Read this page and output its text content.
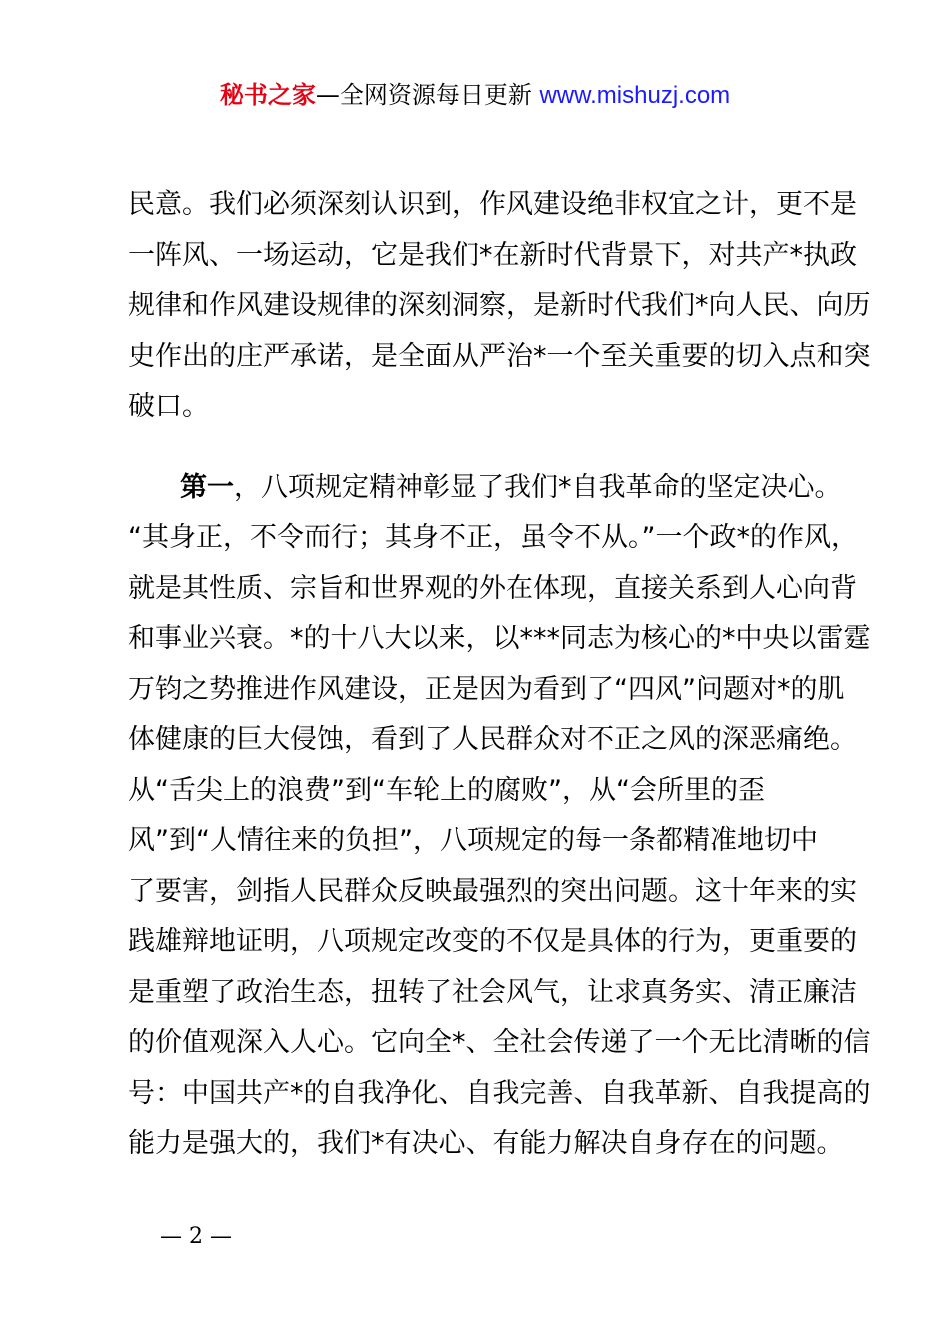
秘书之家—全网资源每日更新 www.mishuzj.com
民意。我们必须深刻认识到，作风建设绝非权宜之计，更不是
一阵风、一场运动，它是我们*在新时代背景下，对共产*执政
规律和作风建设规律的深刻洞察，是新时代我们*向人民、向历
史作出的庄严承诺，是全面从严治*一个至关重要的切入点和突
破口。
第一，八项规定精神彰显了我们*自我革命的坚定决心。
“其身正，不令而行；其身不正，虽令不从。”一个政*的作风，
就是其性质、宗旨和世界观的外在体现，直接关系到人心向背
和事业兴衰。*的十八大以来，以***同志为核心的*中央以雷霆
万钧之势推进作风建设，正是因为看到了“四风”问题对*的肌
体健康的巨大侵蚀，看到了人民群众对不正之风的深恶痛绝。
从“舌尖上的浪费”到“车轮上的腐败”，从“会所里的歪
风”到“人情往来的负担”，八项规定的每一条都精准地切中
了要害，剑指人民群众反映最强烈的突出问题。这十年来的实
践雄辩地证明，八项规定改变的不仅是具体的行为，更重要的
是重塑了政治生态，扭转了社会风气，让求真务实、清正廉洁
的价值观深入人心。它向全*、全社会传递了一个无比清晰的信
号：中国共产*的自我净化、自我完善、自我革新、自我提高的
能力是强大的，我们*有决心、有能力解决自身存在的问题。
— 2 —
